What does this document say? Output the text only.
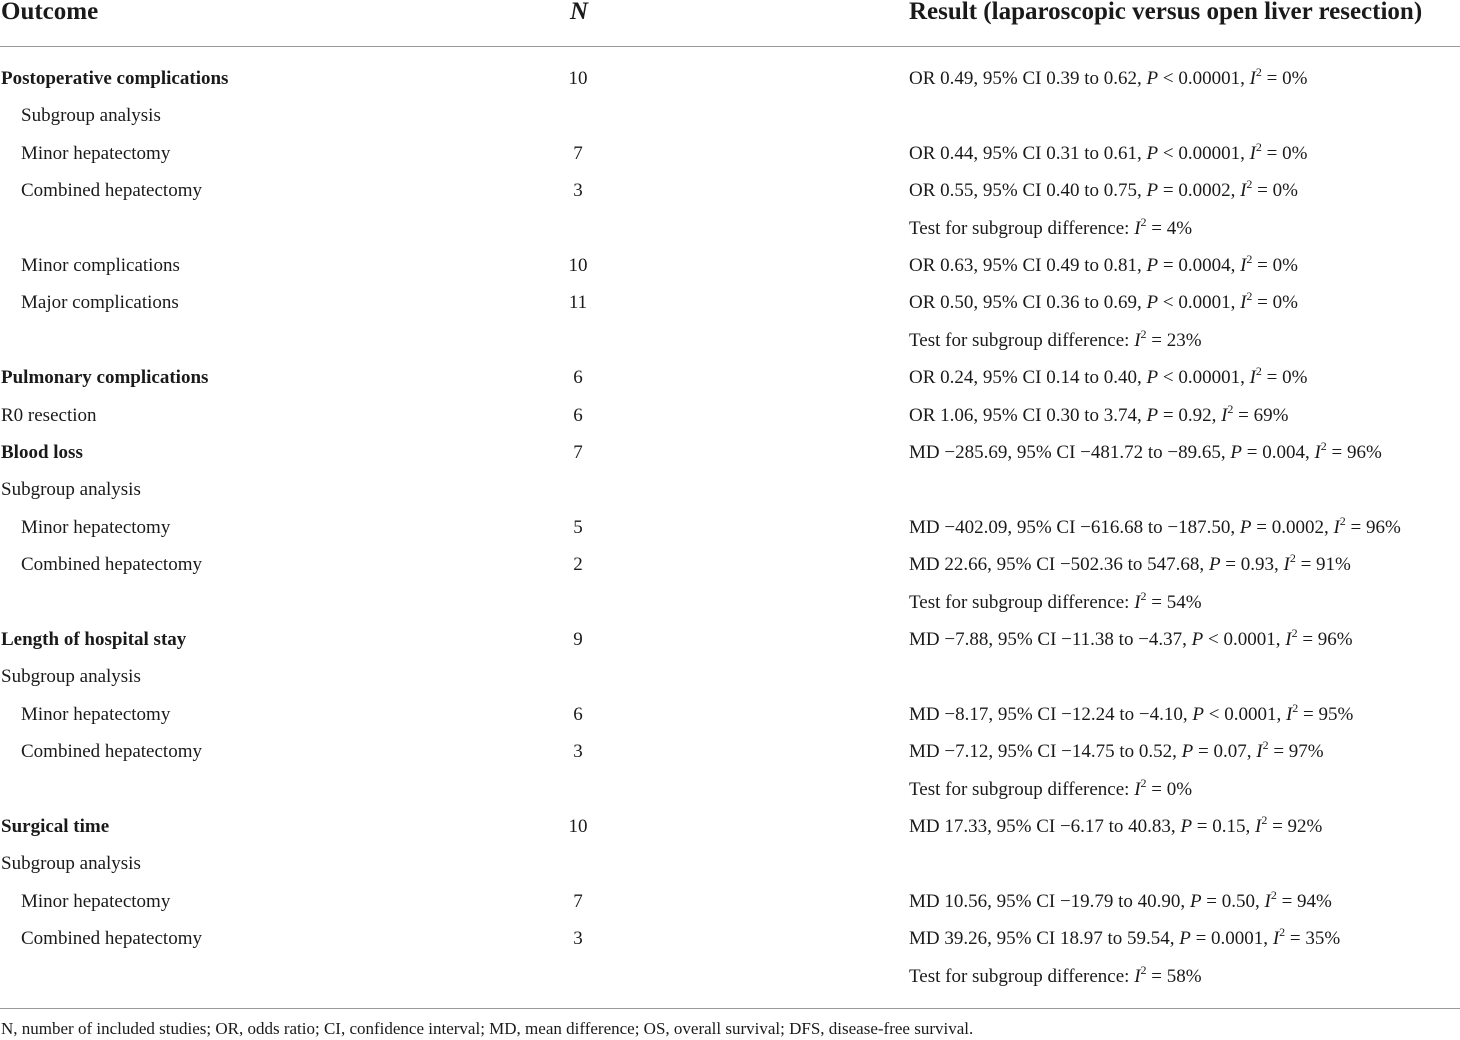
Outcome	N	Result (laparoscopic versus open liver resection)
Postoperative complications	10	OR 0.49, 95% CI 0.39 to 0.62, P < 0.00001, $I^2 = 0\%$
Subgroup analysis
Minor hepatectomy	7	OR 0.44, 95% CI 0.31 to 0.61, P < 0.00001, $I^2 = 0\%$
Combined hepatectomy	3	OR 0.55, 95% CI 0.40 to 0.75, P = 0.0002, $I^2 = 0\%$
Test for subgroup difference: $I^2 = 4\%$
Minor complications	10	OR 0.63, 95% CI 0.49 to 0.81, P = 0.0004, $I^2 = 0\%$
Major complications	11	OR 0.50, 95% CI 0.36 to 0.69, P < 0.0001, $I^2 = 0\%$
Test for subgroup difference: $I^2 = 23\%$
Pulmonary complications	6	OR 0.24, 95% CI 0.14 to 0.40, P < 0.00001, $I^2 = 0\%$
R0 resection	6	OR 1.06, 95% CI 0.30 to 3.74, P = 0.92, $I^2 = 69\%$
Blood loss	7	MD −285.69, 95% CI −481.72 to −89.65, P = 0.004, $I^2 = 96\%$
Subgroup analysis
Minor hepatectomy	5	MD −402.09, 95% CI −616.68 to −187.50, P = 0.0002, $I^2 = 96\%$
Combined hepatectomy	2	MD 22.66, 95% CI −502.36 to 547.68, P = 0.93, $I^2 = 91\%$
Test for subgroup difference: $I^2 = 54\%$
Length of hospital stay	9	MD −7.88, 95% CI −11.38 to −4.37, P < 0.0001, $I^2 = 96\%$
Subgroup analysis
Minor hepatectomy	6	MD −8.17, 95% CI −12.24 to −4.10, P < 0.0001, $I^2 = 95\%$
Combined hepatectomy	3	MD −7.12, 95% CI −14.75 to 0.52, P = 0.07, $I^2 = 97\%$
Test for subgroup difference: $I^2 = 0\%$
Surgical time	10	MD 17.33, 95% CI −6.17 to 40.83, P = 0.15, $I^2 = 92\%$
Subgroup analysis
Minor hepatectomy	7	MD 10.56, 95% CI −19.79 to 40.90, P = 0.50, $I^2 = 94\%$
Combined hepatectomy	3	MD 39.26, 95% CI 18.97 to 59.54, P = 0.0001, $I^2 = 35\%$
Test for subgroup difference: $I^2 = 58\%$
N, number of included studies; OR, odds ratio; CI, confidence interval; MD, mean difference; OS, overall survival; DFS, disease-free survival.
